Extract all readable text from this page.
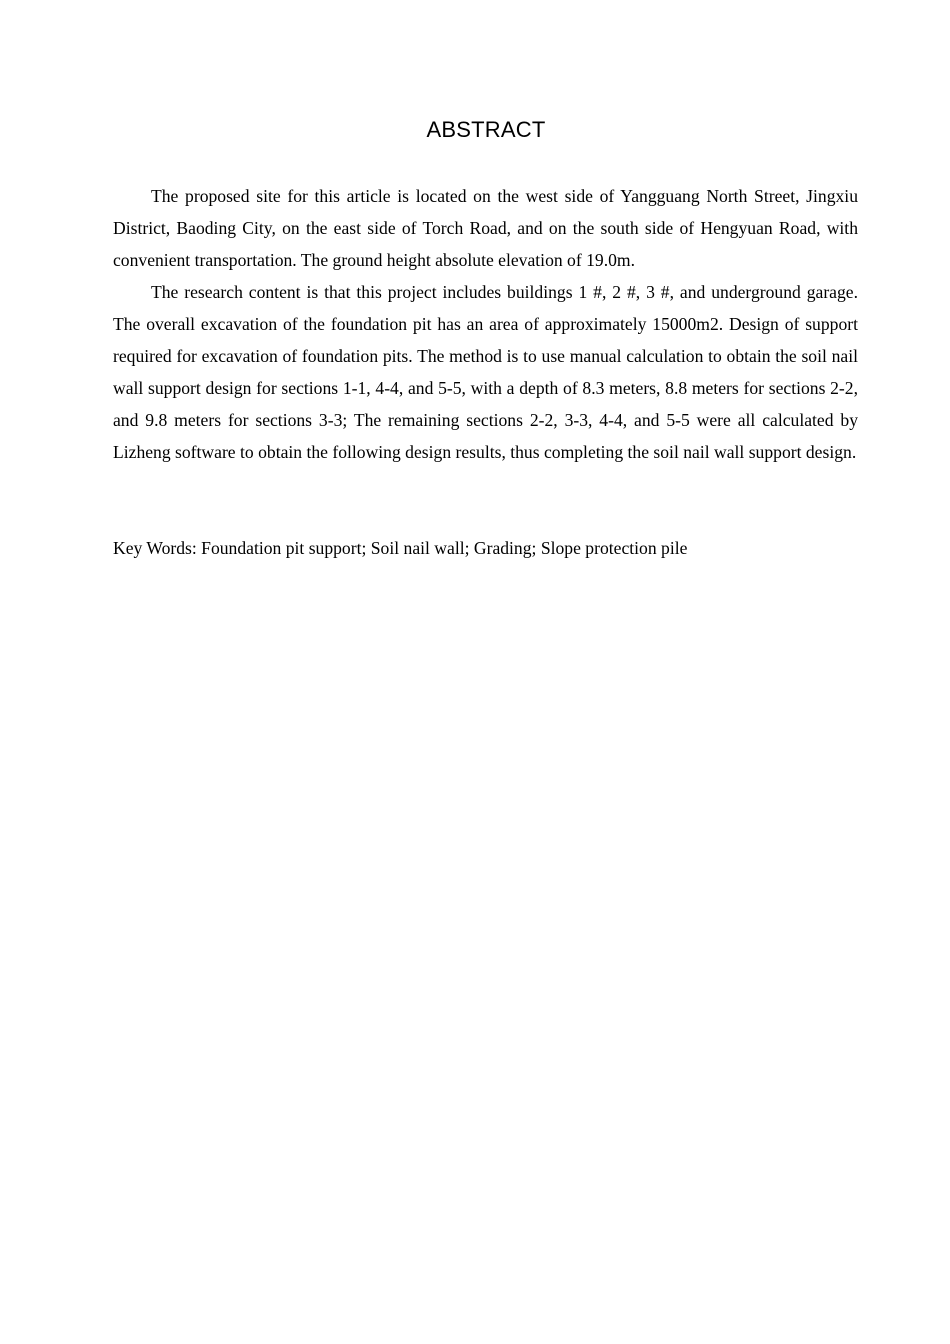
ABSTRACT

The proposed site for this article is located on the west side of Yangguang North Street, Jingxiu District, Baoding City, on the east side of Torch Road, and on the south side of Hengyuan Road, with convenient transportation. The ground height absolute elevation of 19.0m.

The research content is that this project includes buildings 1 #, 2 #, 3 #, and underground garage. The overall excavation of the foundation pit has an area of approximately 15000m2. Design of support required for excavation of foundation pits. The method is to use manual calculation to obtain the soil nail wall support design for sections 1-1, 4-4, and 5-5, with a depth of 8.3 meters, 8.8 meters for sections 2-2, and 9.8 meters for sections 3-3; The remaining sections 2-2, 3-3, 4-4, and 5-5 were all calculated by Lizheng software to obtain the following design results, thus completing the soil nail wall support design.

Key Words: Foundation pit support; Soil nail wall; Grading; Slope protection pile
